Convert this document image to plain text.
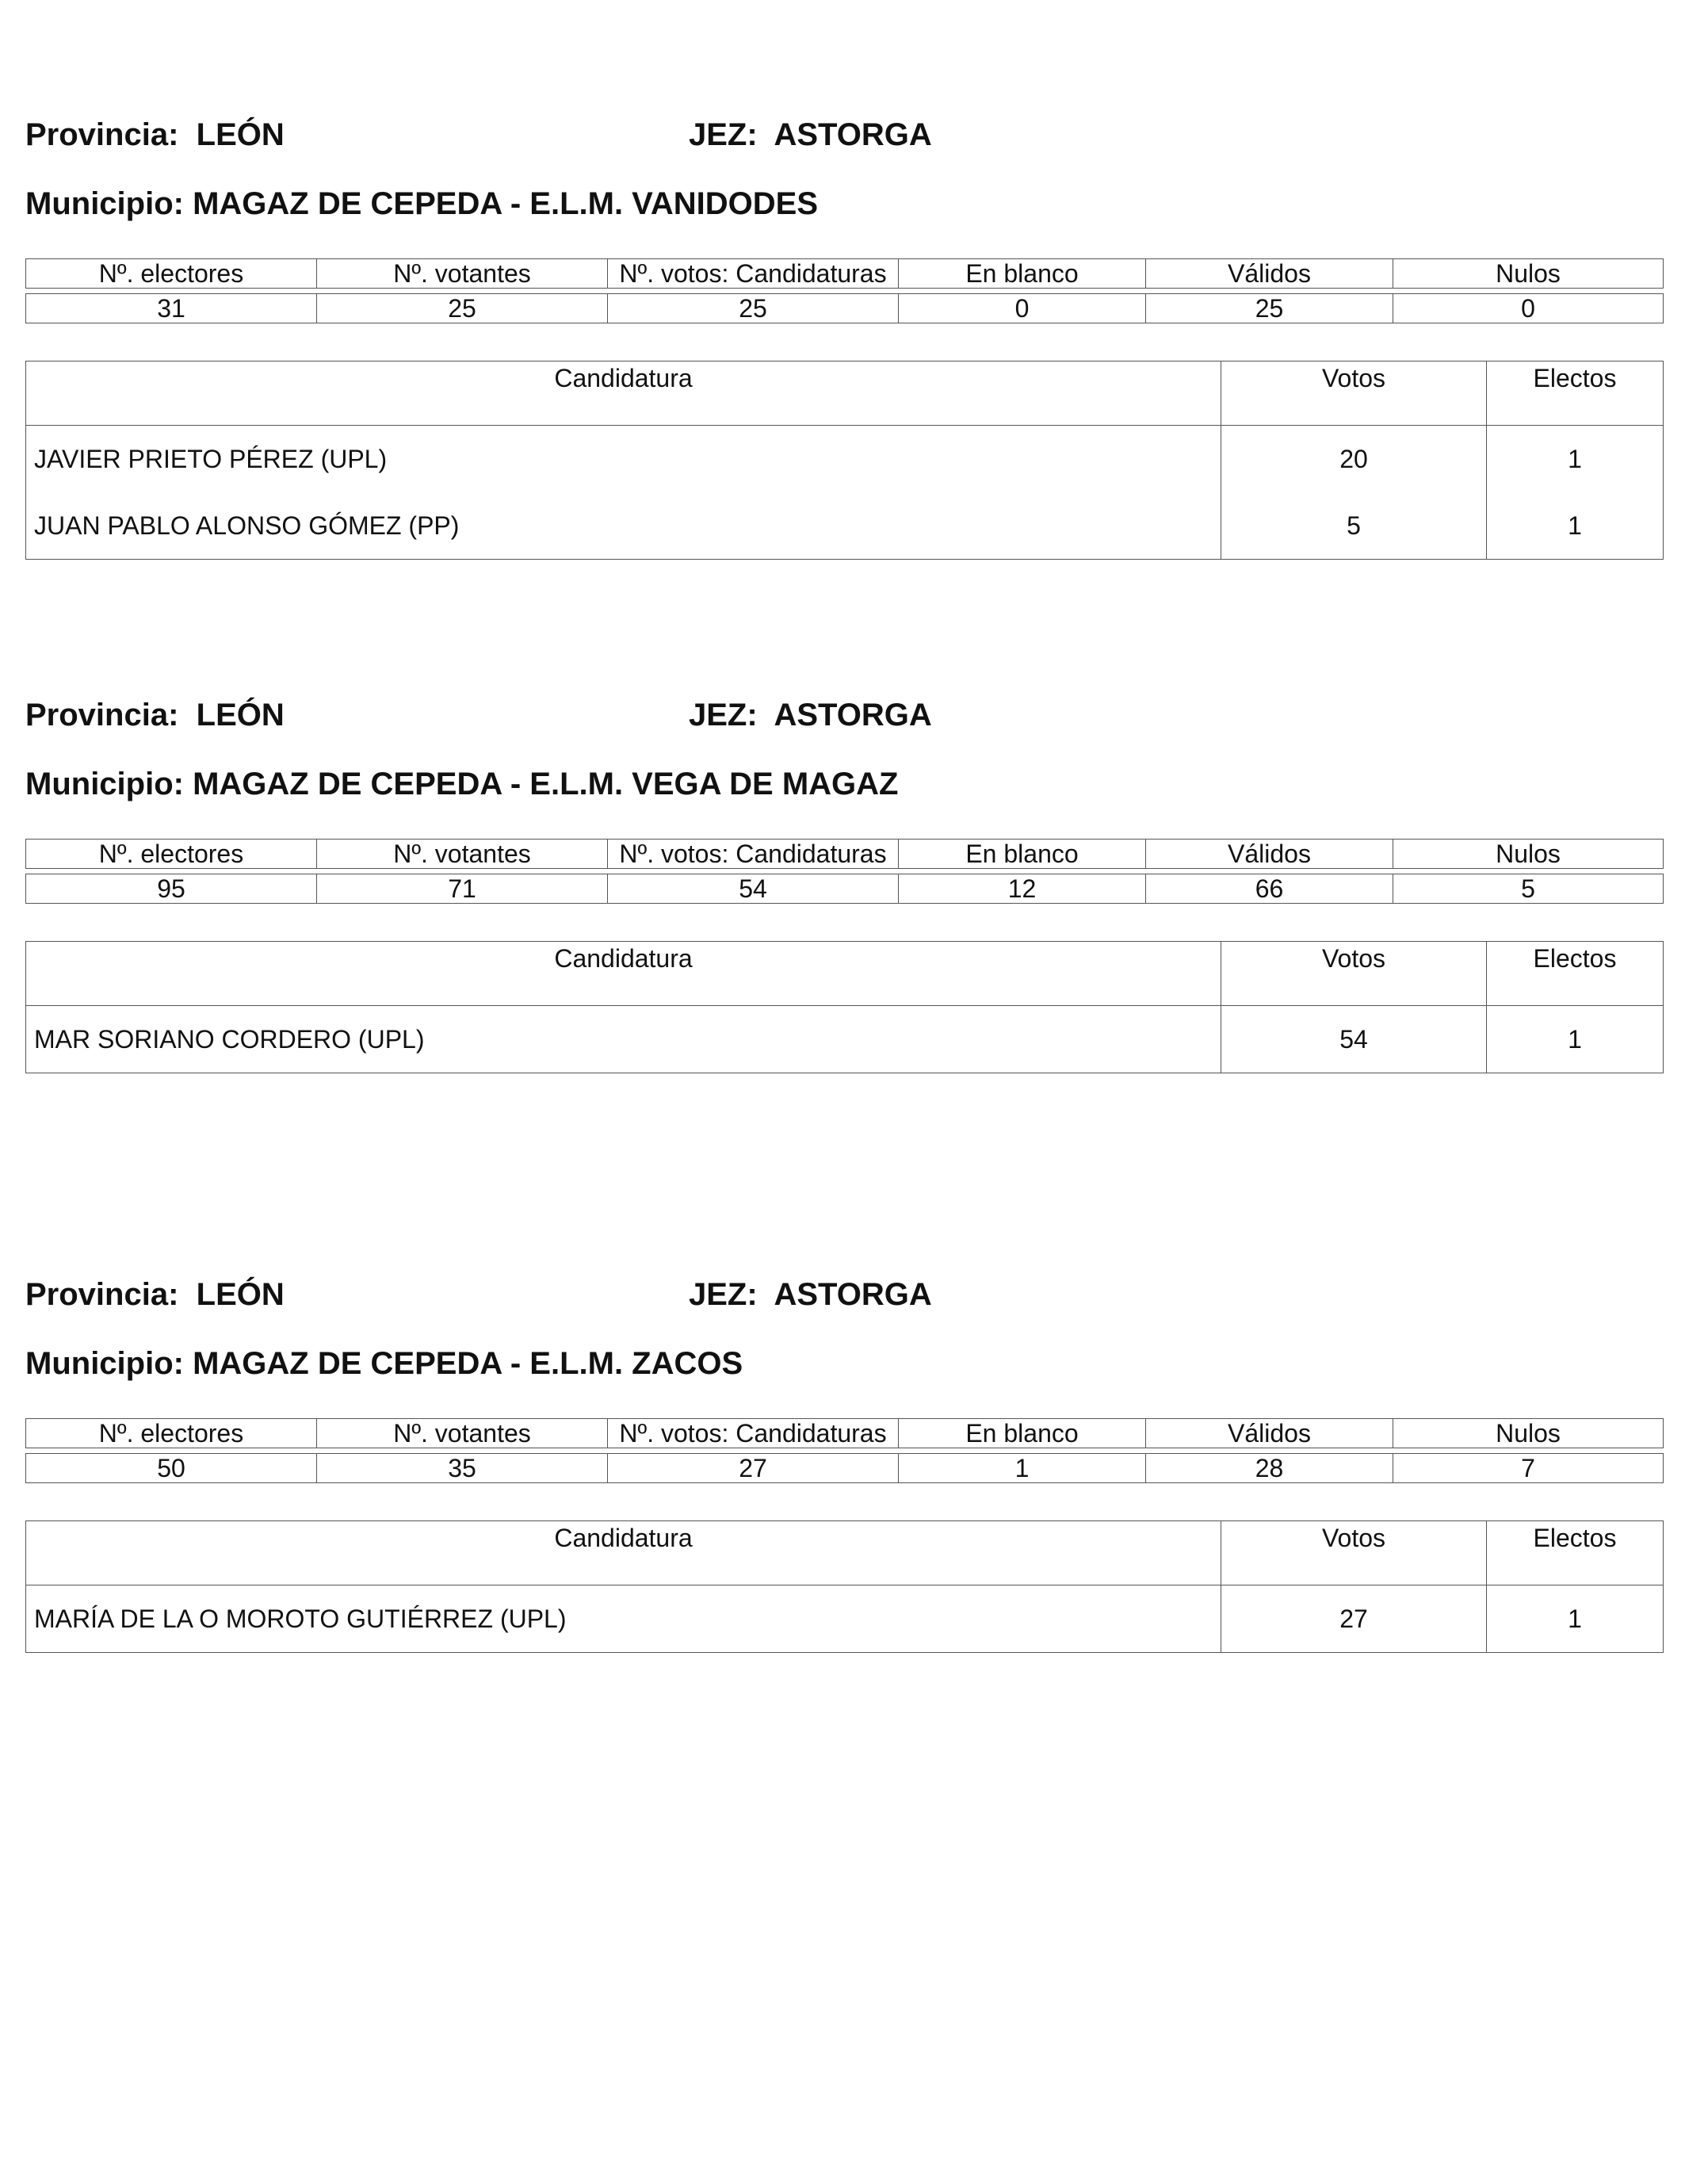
Provincia: LEÓN	JEZ: ASTORGA
Municipio: MAGAZ DE CEPEDA - E.L.M. VANIDODES
Nº. electores	Nº. votantes	Nº. votos: Candidaturas	En blanco	Válidos	Nulos

31	25	25	0	25	0
Candidatura	Votos	Electos
JAVIER PRIETO PÉREZ (UPL)	20	1
JUAN PABLO ALONSO GÓMEZ (PP)	5	1
Provincia: LEÓN	JEZ: ASTORGA
Municipio: MAGAZ DE CEPEDA - E.L.M. VEGA DE MAGAZ
Nº. electores	Nº. votantes	Nº. votos: Candidaturas	En blanco	Válidos	Nulos

95	71	54	12	66	5
Candidatura	Votos	Electos
MAR SORIANO CORDERO (UPL)	54	1
Provincia: LEÓN	JEZ: ASTORGA
Municipio: MAGAZ DE CEPEDA - E.L.M. ZACOS
Nº. electores	Nº. votantes	Nº. votos: Candidaturas	En blanco	Válidos	Nulos

50	35	27	1	28	7
Candidatura	Votos	Electos
MARÍA DE LA O MOROTO GUTIÉRREZ (UPL)	27	1
